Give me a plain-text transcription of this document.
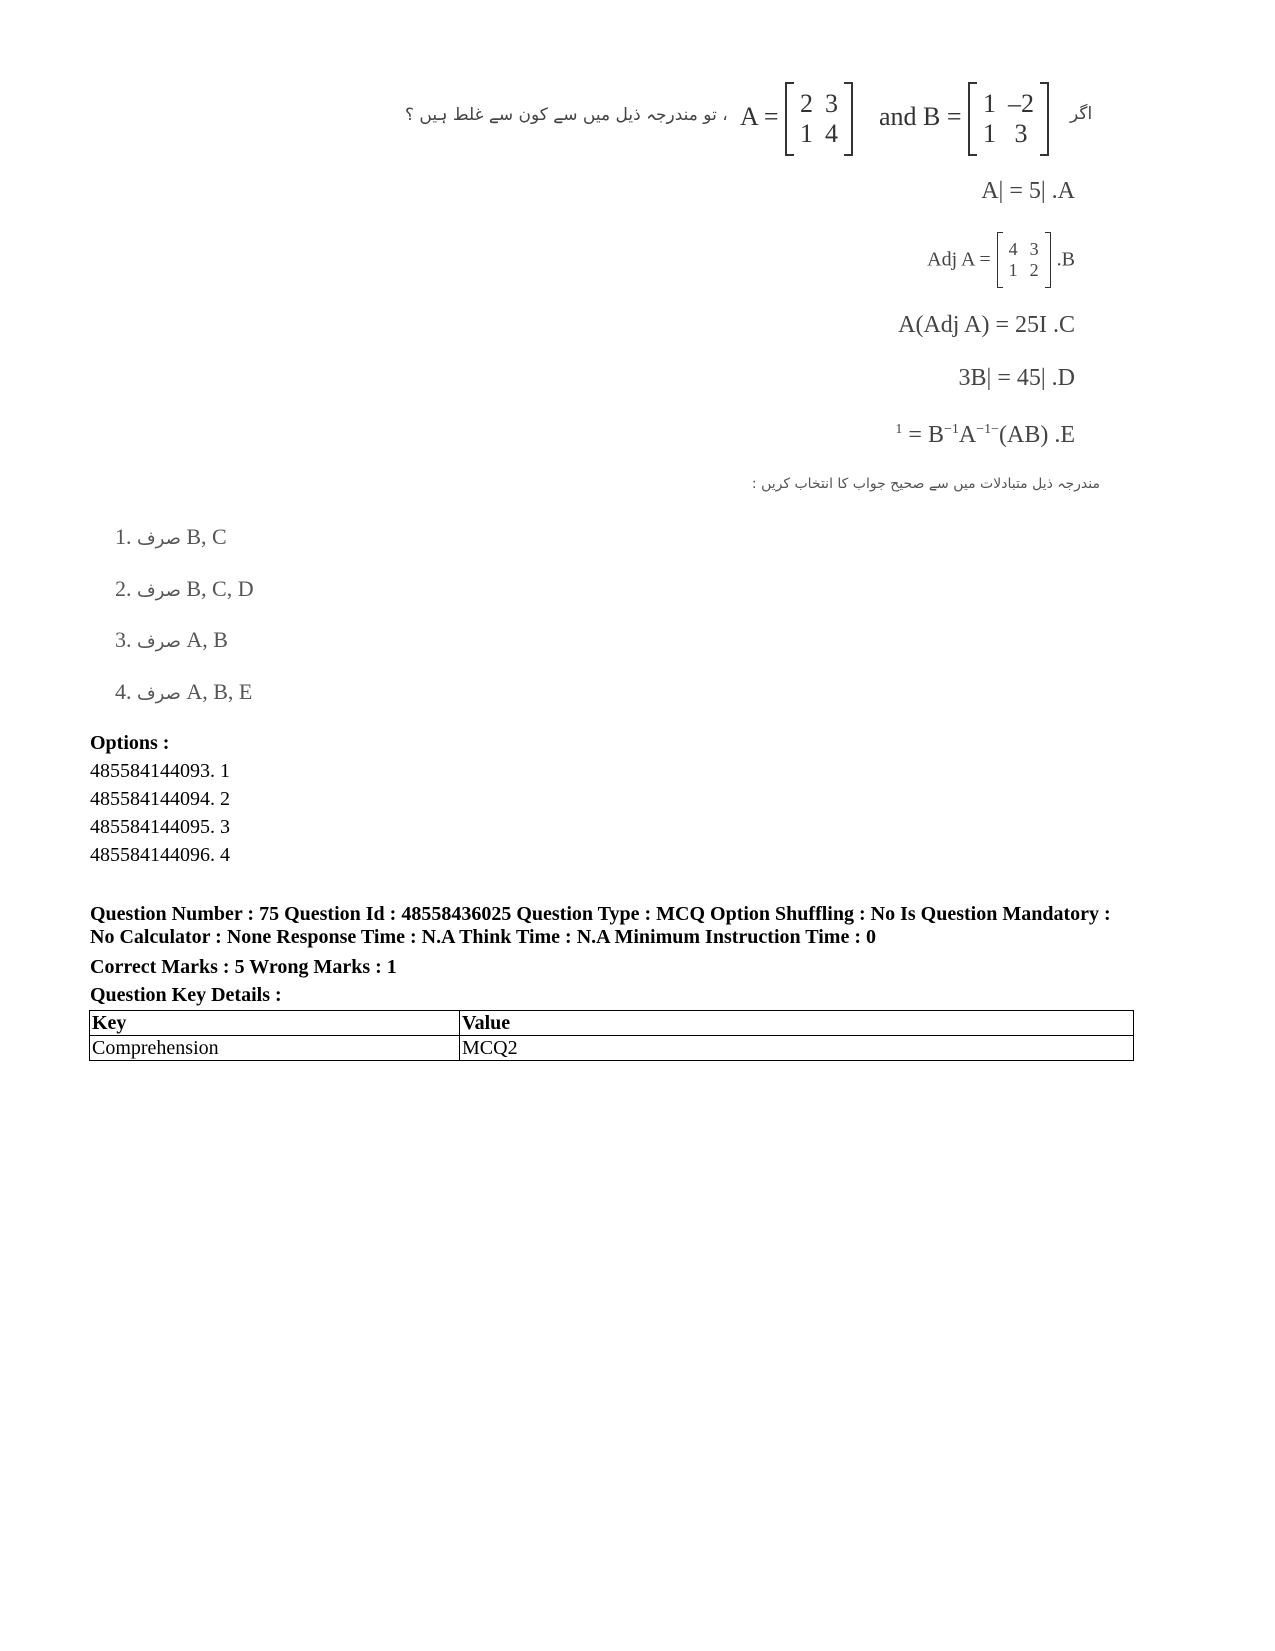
، تو مندرجہ ذیل میں سے کون سے غلط ہیں ؟ A = 2	3
1	4
and B = 1	–2
1	3
اگر
A| = 5| .A
Adj A = 4	3
1	2 .B
A(Adj A) = 25I .C
3B| = 45| .D
$^1 = B^{-1}A^{-1-}(AB)$ .E
مندرجہ ذیل متبادلات میں سے صحیح جواب کا انتخاب کریں :
1. صرف B, C
2. صرف B, C, D
3. صرف A, B
4. صرف A, B, E
Options :
485584144093. 1
485584144094. 2
485584144095. 3
485584144096. 4
Question Number : 75 Question Id : 48558436025 Question Type : MCQ Option Shuffling : No Is Question Mandatory :
No Calculator : None Response Time : N.A Think Time : N.A Minimum Instruction Time : 0
Correct Marks : 5 Wrong Marks : 1
Question Key Details :
Key	Value
Comprehension	MCQ2
